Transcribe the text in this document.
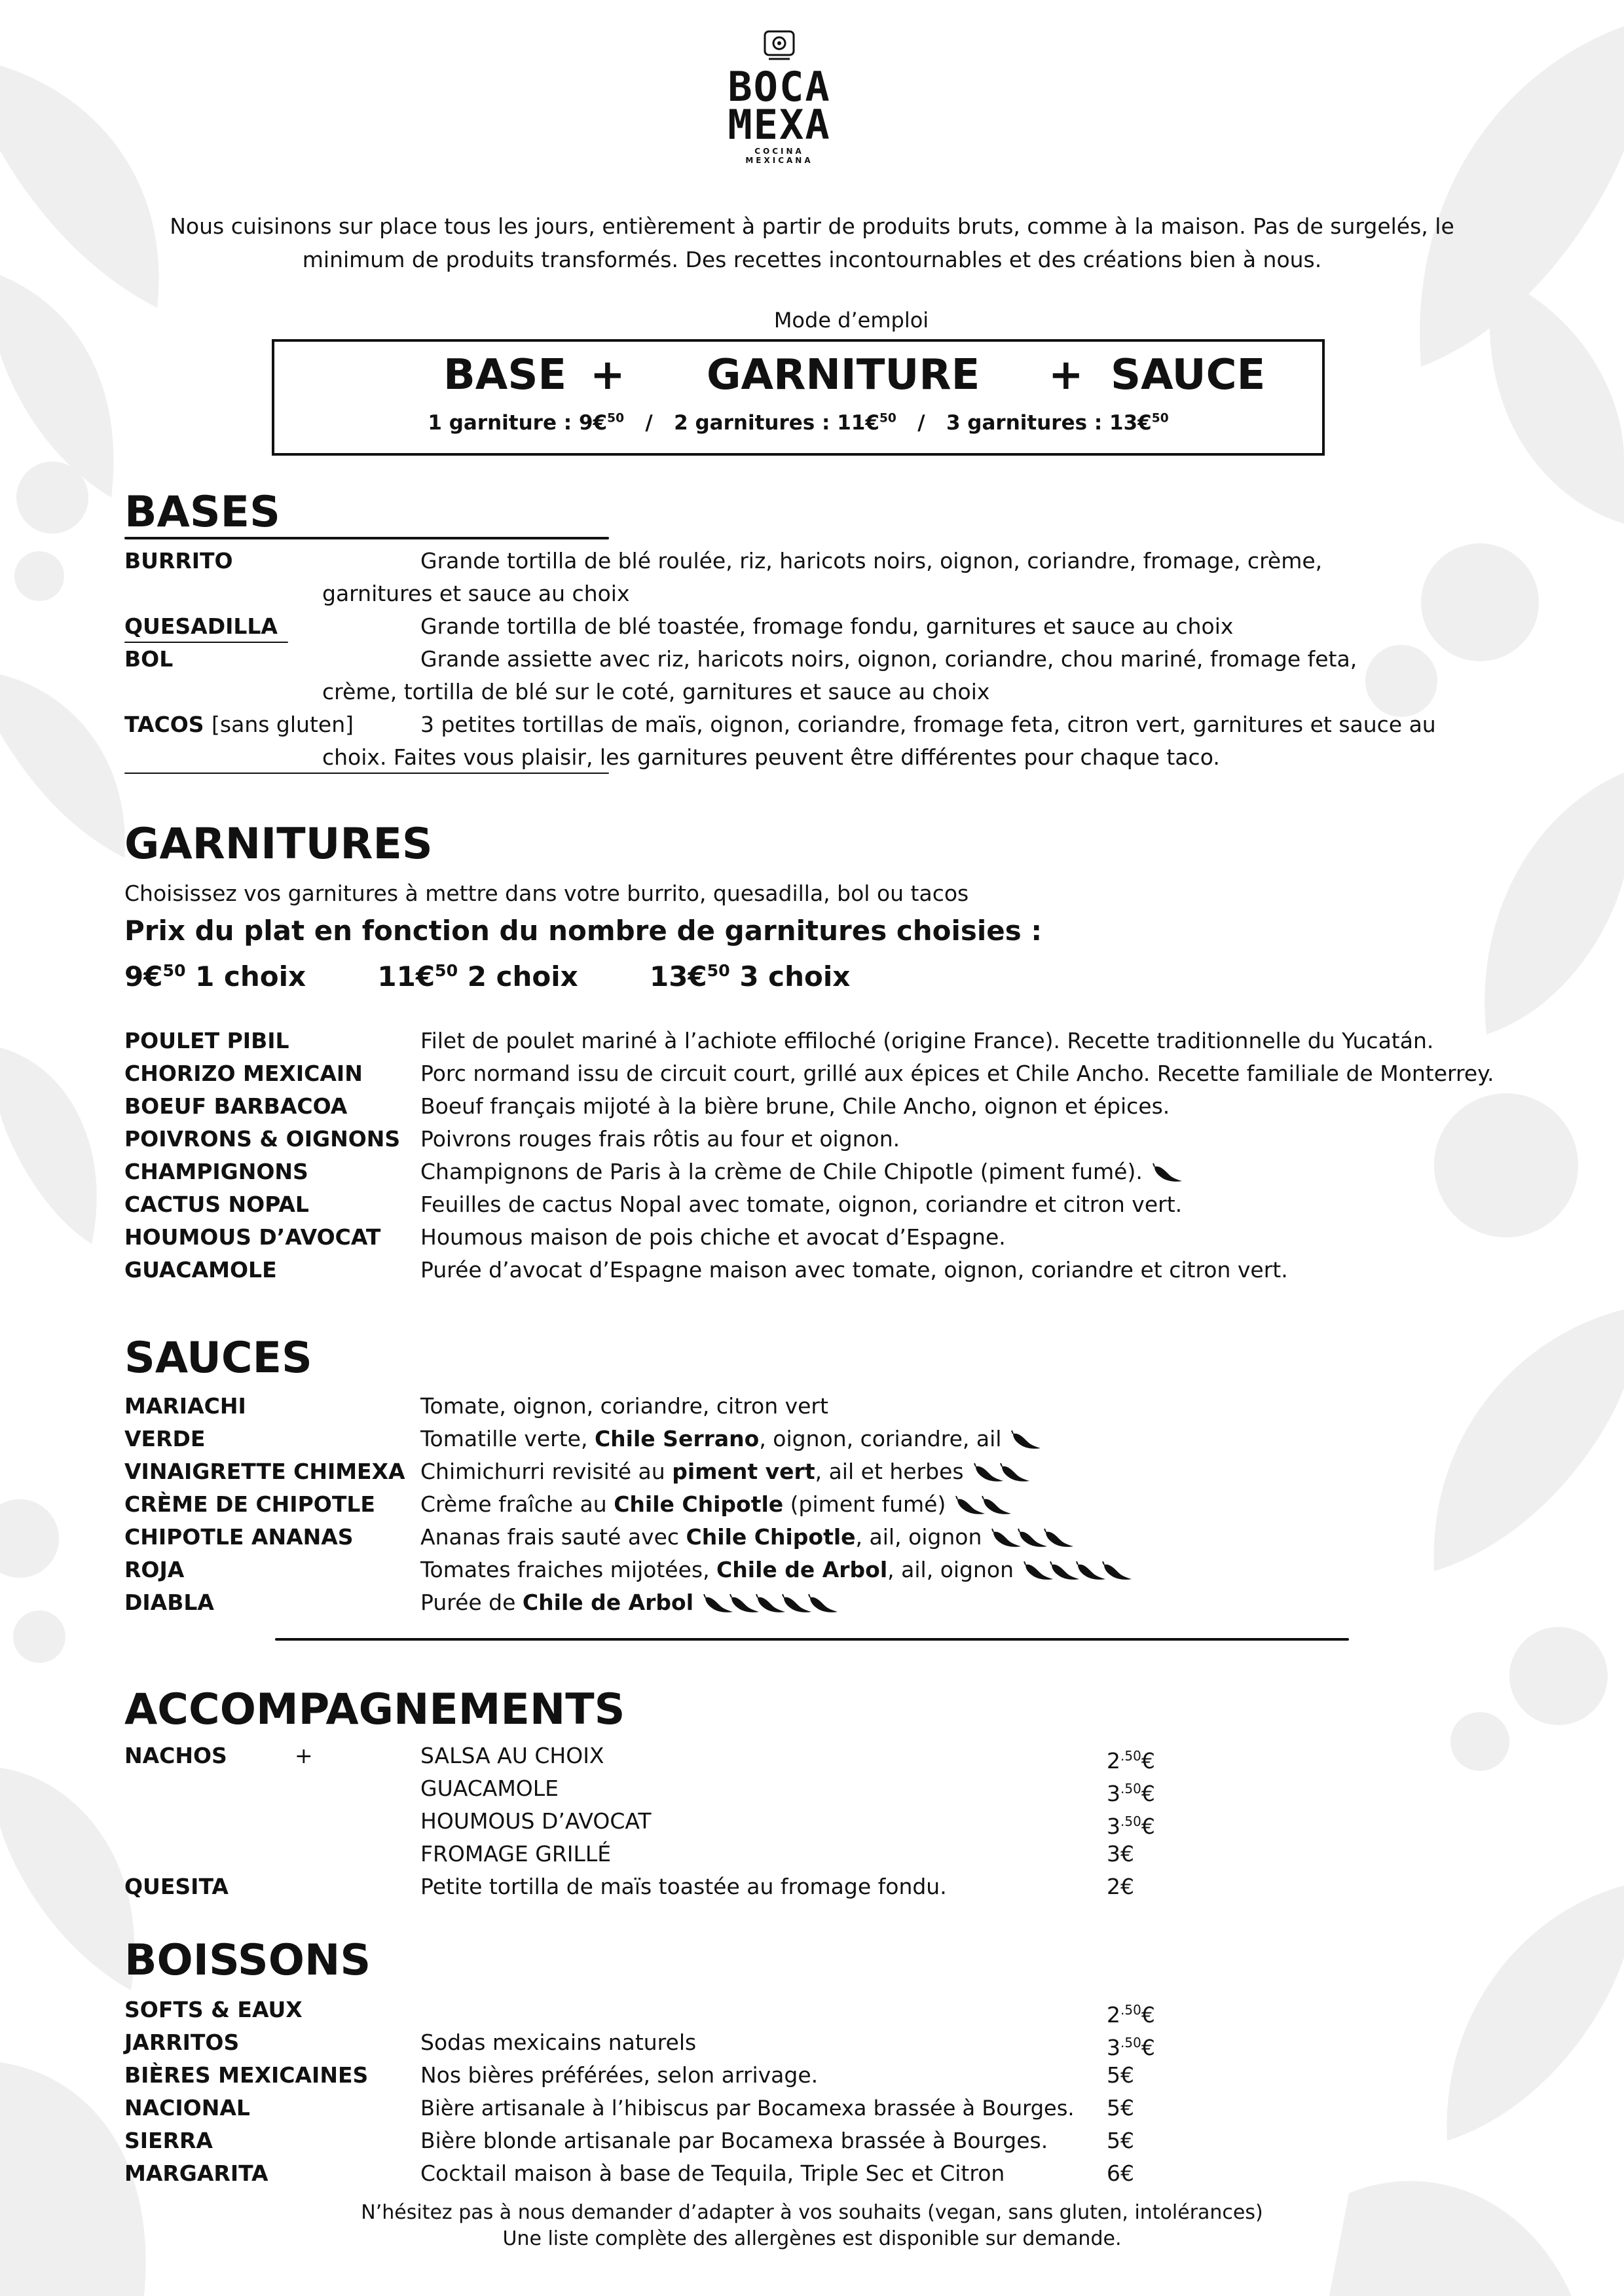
BOCA
MEXA
COCINA MEXICANA
Nous cuisinons sur place tous les jours, entièrement à partir de produits bruts, comme à la maison. Pas de surgelés, le minimum de produits transformés. Des recettes incontournables et des créations bien à nous.
Mode d’emploi
BASE + GARNITURE + SAUCE
1 garniture : 9€$^{50}$ / 2 garnitures : 11€$^{50}$ / 3 garnitures : 13€$^{50}$
BASES
BURRITO	Grande tortilla de blé roulée, riz, haricots noirs, oignon, coriandre, fromage, crème,
garnitures et sauce au choix
QUESADILLA	Grande tortilla de blé toastée, fromage fondu, garnitures et sauce au choix
BOL	Grande assiette avec riz, haricots noirs, oignon, coriandre, chou mariné, fromage feta,
crème, tortilla de blé sur le coté, garnitures et sauce au choix
TACOS [sans gluten]	3 petites tortillas de maïs, oignon, coriandre, fromage feta, citron vert, garnitures et sauce au
choix. Faites vous plaisir, les garnitures peuvent être différentes pour chaque taco.
GARNITURES
Choisissez vos garnitures à mettre dans votre burrito, quesadilla, bol ou tacos
Prix du plat en fonction du nombre de garnitures choisies :
9€$^{50}$ 1 choix	11€$^{50}$ 2 choix	13€$^{50}$ 3 choix
POULET PIBIL	Filet de poulet mariné à l’achiote effiloché (origine France). Recette traditionnelle du Yucatán.
CHORIZO MEXICAIN	Porc normand issu de circuit court, grillé aux épices et Chile Ancho. Recette familiale de Monterrey.
BOEUF BARBACOA	Boeuf français mijoté à la bière brune, Chile Ancho, oignon et épices.
POIVRONS & OIGNONS Poivrons rouges frais rôtis au four et oignon.
CHAMPIGNONS	Champignons de Paris à la crème de Chile Chipotle (piment fumé).
CACTUS NOPAL	Feuilles de cactus Nopal avec tomate, oignon, coriandre et citron vert.
HOUMOUS D’AVOCAT Houmous maison de pois chiche et avocat d’Espagne.
GUACAMOLE	Purée d’avocat d’Espagne maison avec tomate, oignon, coriandre et citron vert.
SAUCES
MARIACHI	Tomate, oignon, coriandre, citron vert
VERDE	Tomatille verte, Chile Serrano, oignon, coriandre, ail
VINAIGRETTE CHIMEXA Chimichurri revisité au piment vert, ail et herbes
CRÈME DE CHIPOTLE Crème fraîche au Chile Chipotle (piment fumé)
CHIPOTLE ANANAS	Ananas frais sauté avec Chile Chipotle, ail, oignon
ROJA	Tomates fraiches mijotées, Chile de Arbol, ail, oignon
DIABLA	Purée de Chile de Arbol
ACCOMPAGNEMENTS
NACHOS	+	SALSA AU CHOIX	$2^{.50}€$
GUACAMOLE	$3^{.50}€$
HOUMOUS D’AVOCAT	$3^{.50}€$
FROMAGE GRILLÉ	3€
QUESITA	Petite tortilla de maïs toastée au fromage fondu.	2€
BOISSONS
SOFTS & EAUX	$2^{.50}€$
JARRITOS	Sodas mexicains naturels	$3^{.50}€$
BIÈRES MEXICAINES Nos bières préférées, selon arrivage.	5€
NACIONAL	Bière artisanale à l’hibiscus par Bocamexa brassée à Bourges. 5€
SIERRA	Bière blonde artisanale par Bocamexa brassée à Bourges.	5€
MARGARITA	Cocktail maison à base de Tequila, Triple Sec et Citron	6€
N’hésitez pas à nous demander d’adapter à vos souhaits (vegan, sans gluten, intolérances)
Une liste complète des allergènes est disponible sur demande.
